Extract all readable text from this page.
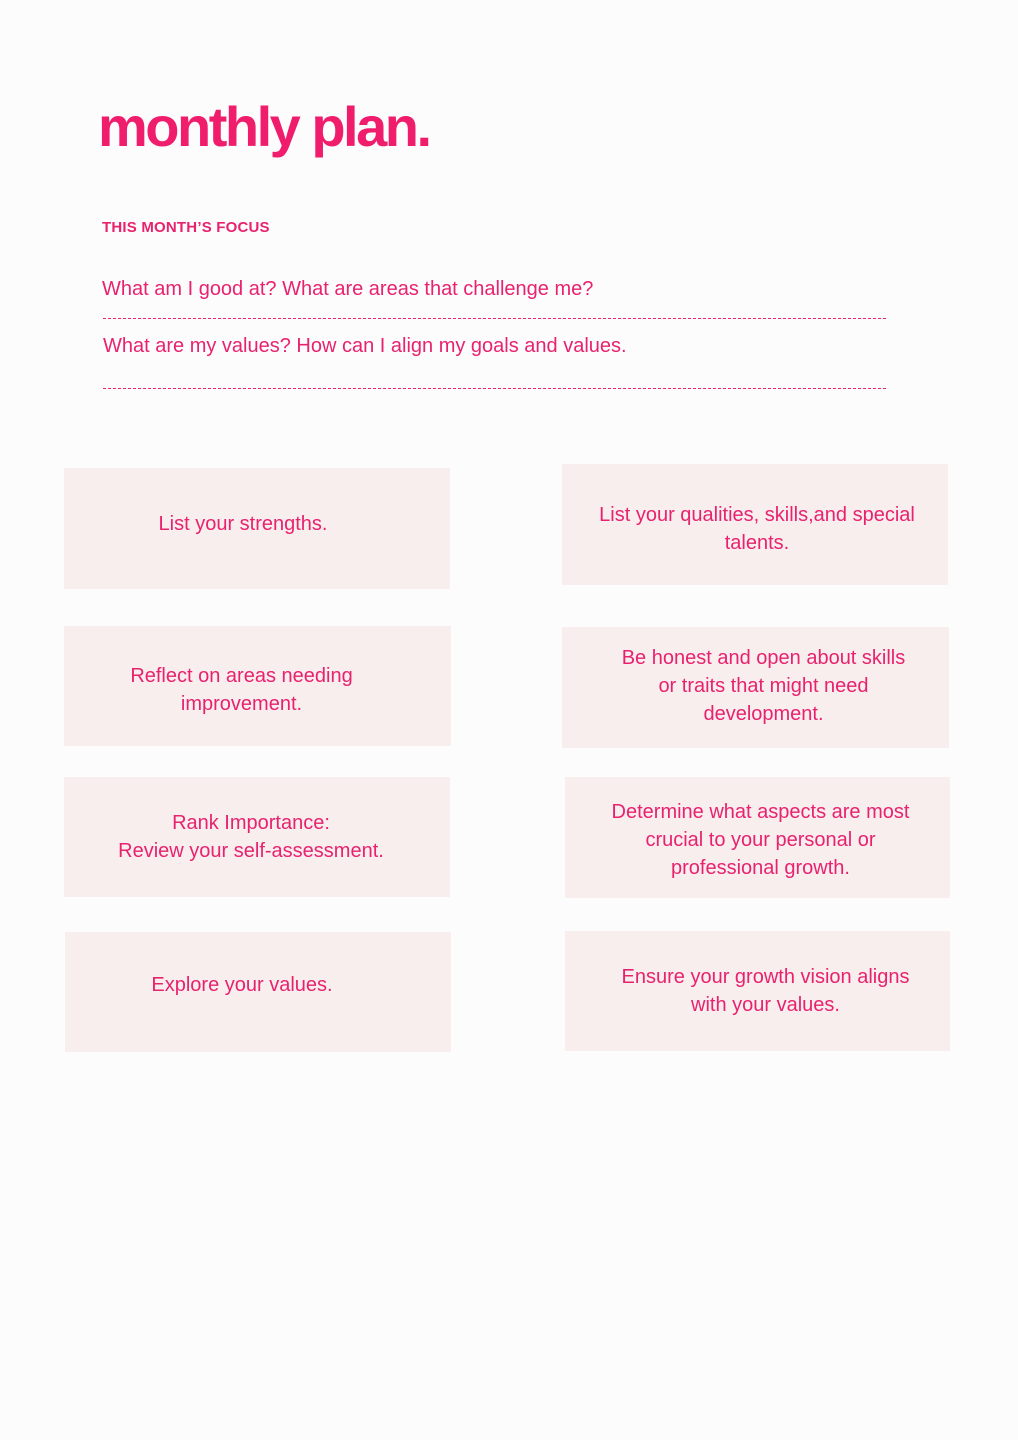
monthly plan.
THIS MONTH’S FOCUS
What am I good at? What are areas that challenge me?
What are my values? How can I align my goals and values.
List your strengths.
Reflect on areas needing
improvement.
Rank Importance:
Review your self-assessment.
Explore your values.
List your qualities, skills,and special
talents.
Be honest and open about skills
or traits that might need
development.
Determine what aspects are most
crucial to your personal or
professional growth.
Ensure your growth vision aligns
with your values.
